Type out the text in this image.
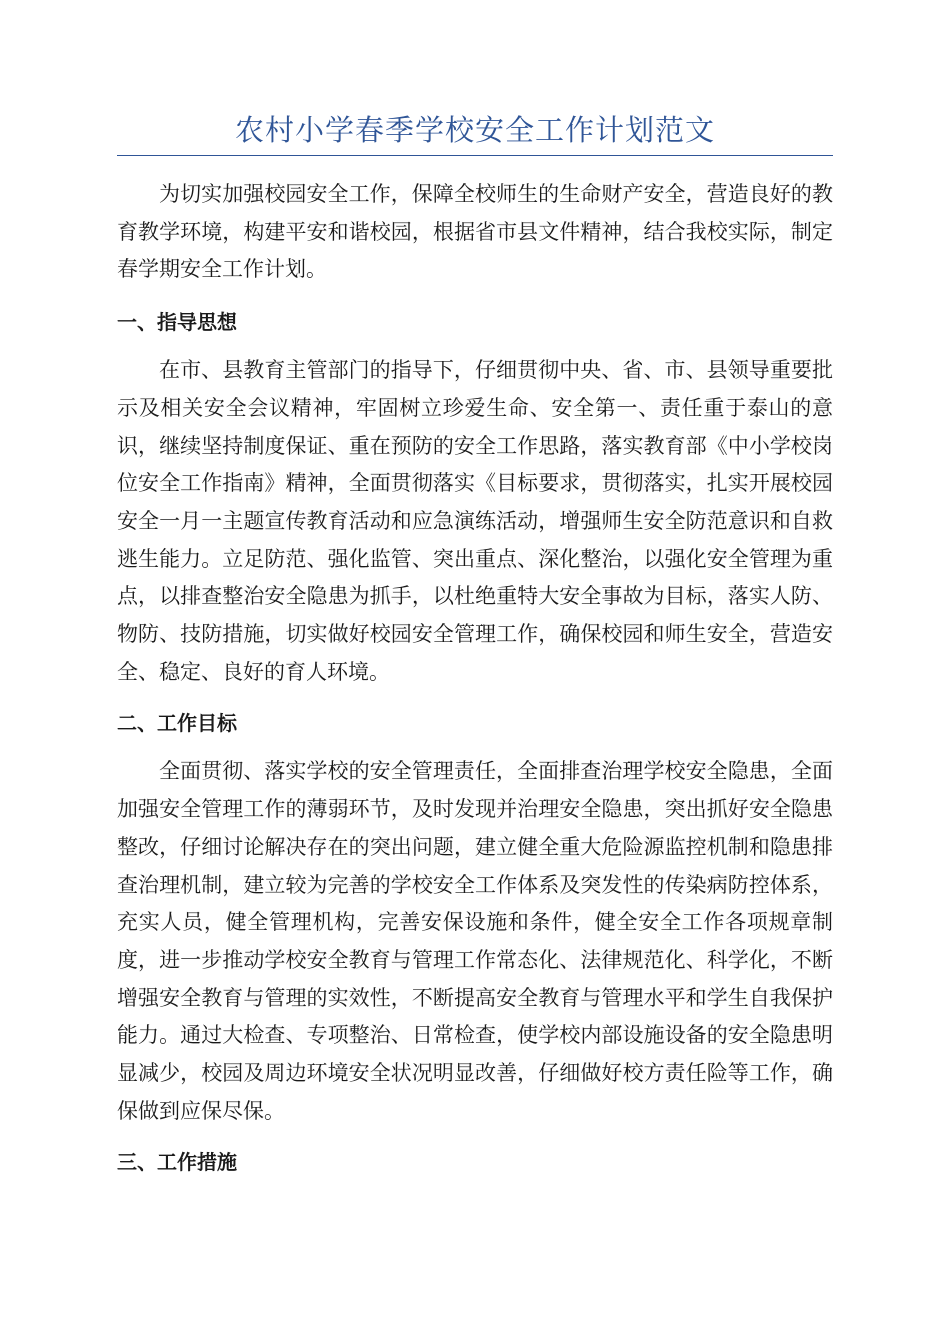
农村小学春季学校安全工作计划范文

为切实加强校园安全工作，保障全校师生的生命财产安全，营造良好的教育教学环境，构建平安和谐校园，根据省市县文件精神，结合我校实际，制定春学期安全工作计划。

一、指导思想

在市、县教育主管部门的指导下，仔细贯彻中央、省、市、县领导重要批示及相关安全会议精神，牢固树立珍爱生命、安全第一、责任重于泰山的意识，继续坚持制度保证、重在预防的安全工作思路，落实教育部《中小学校岗位安全工作指南》精神，全面贯彻落实《目标要求，贯彻落实，扎实开展校园安全一月一主题宣传教育活动和应急演练活动，增强师生安全防范意识和自救逃生能力。立足防范、强化监管、突出重点、深化整治，以强化安全管理为重点，以排查整治安全隐患为抓手，以杜绝重特大安全事故为目标，落实人防、物防、技防措施，切实做好校园安全管理工作，确保校园和师生安全，营造安全、稳定、良好的育人环境。

二、工作目标

全面贯彻、落实学校的安全管理责任，全面排查治理学校安全隐患，全面加强安全管理工作的薄弱环节，及时发现并治理安全隐患，突出抓好安全隐患整改，仔细讨论解决存在的突出问题，建立健全重大危险源监控机制和隐患排查治理机制，建立较为完善的学校安全工作体系及突发性的传染病防控体系，充实人员，健全管理机构，完善安保设施和条件，健全安全工作各项规章制度，进一步推动学校安全教育与管理工作常态化、法律规范化、科学化，不断增强安全教育与管理的实效性，不断提高安全教育与管理水平和学生自我保护能力。通过大检查、专项整治、日常检查，使学校内部设施设备的安全隐患明显减少，校园及周边环境安全状况明显改善，仔细做好校方责任险等工作，确保做到应保尽保。

三、工作措施
